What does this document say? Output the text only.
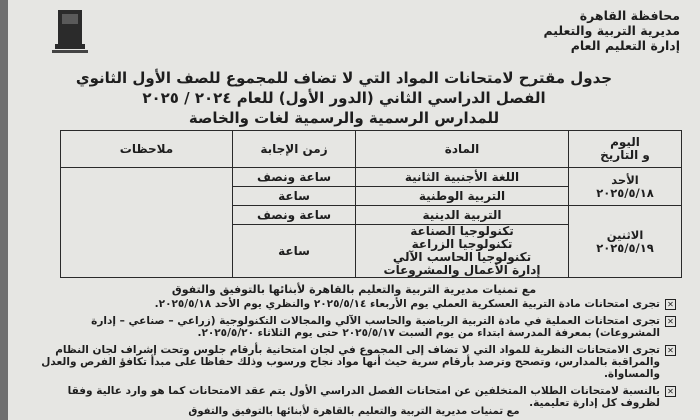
محافظة القاهرة
مديرية التربية والتعليم
إدارة التعليم العام
جدول مقترح لامتحانات المواد التي لا تضاف للمجموع للصف الأول الثانوي
الفصل الدراسي الثاني (الدور الأول) للعام ٢٠٢٤ / ٢٠٢٥
للمدارس الرسمية والرسمية لغات والخاصة
اليوم
و التاريخ	المادة	زمن الإجابة	ملاحظات

الأحد
٢٠٢٥/٥/١٨	اللغة الأجنبية الثانية	ساعة ونصف	
	التربية الوطنية	ساعة	

الاثنين
٢٠٢٥/٥/١٩	التربية الدينية	ساعة ونصف	

	تكنولوجيا الصناعة
تكنولوجيا الزراعة
تكنولوجيا الحاسب الآلي
إدارة الأعمال والمشروعات	ساعة	
مع تمنيات مديرية التربية والتعليم بالقاهرة لأبنائها بالتوفيق والتفوق
✕
تجرى امتحانات مادة التربية العسكرية العملي يوم الأربعاء ٢٠٢٥/٥/١٤ والنظري يوم الأحد ٢٠٢٥/٥/١٨.
✕
تجرى امتحانات العملية في مادة التربية الرياضية والحاسب الآلي والمجالات التكنولوجية (زراعي – صناعي – إدارة المشروعات) بمعرفة المدرسة ابتداء من يوم السبت ٢٠٢٥/٥/١٧ حتى يوم الثلاثاء ٢٠٢٥/٥/٢٠.
✕
تجرى الامتحانات النظرية للمواد التي لا تضاف إلى المجموع في لجان امتحانية بأرقام جلوس وتحت إشراف لجان النظام والمراقبة بالمدارس، وتصحح وترصد بأرقام سرية حيث أنها مواد نجاح ورسوب وذلك حفاظا على مبدأ تكافؤ الفرص والعدل والمساواة.
✕
بالنسبة لامتحانات الطلاب المتخلفين عن امتحانات الفصل الدراسي الأول يتم عقد الامتحانات كما هو وارد عالية وفقا لظروف كل إدارة تعليمية.
مع تمنيات مديرية التربية والتعليم بالقاهرة لأبنائها بالتوفيق والتفوق
